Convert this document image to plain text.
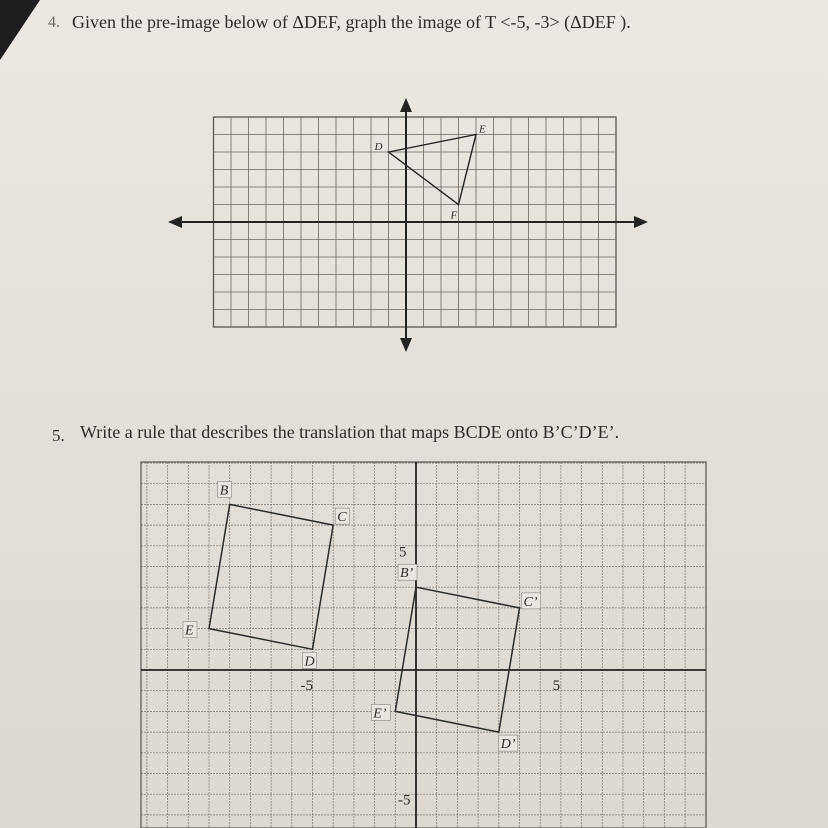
4. Given the pre-image below of ΔDEF, graph the image of T <-5, -3> (ΔDEF ).
D
E
F
5. Write a rule that describes the translation that maps BCDE onto B’C’D’E’.
-5	5
5
-5
B
C
D
E
B’
C’
D’
E’
